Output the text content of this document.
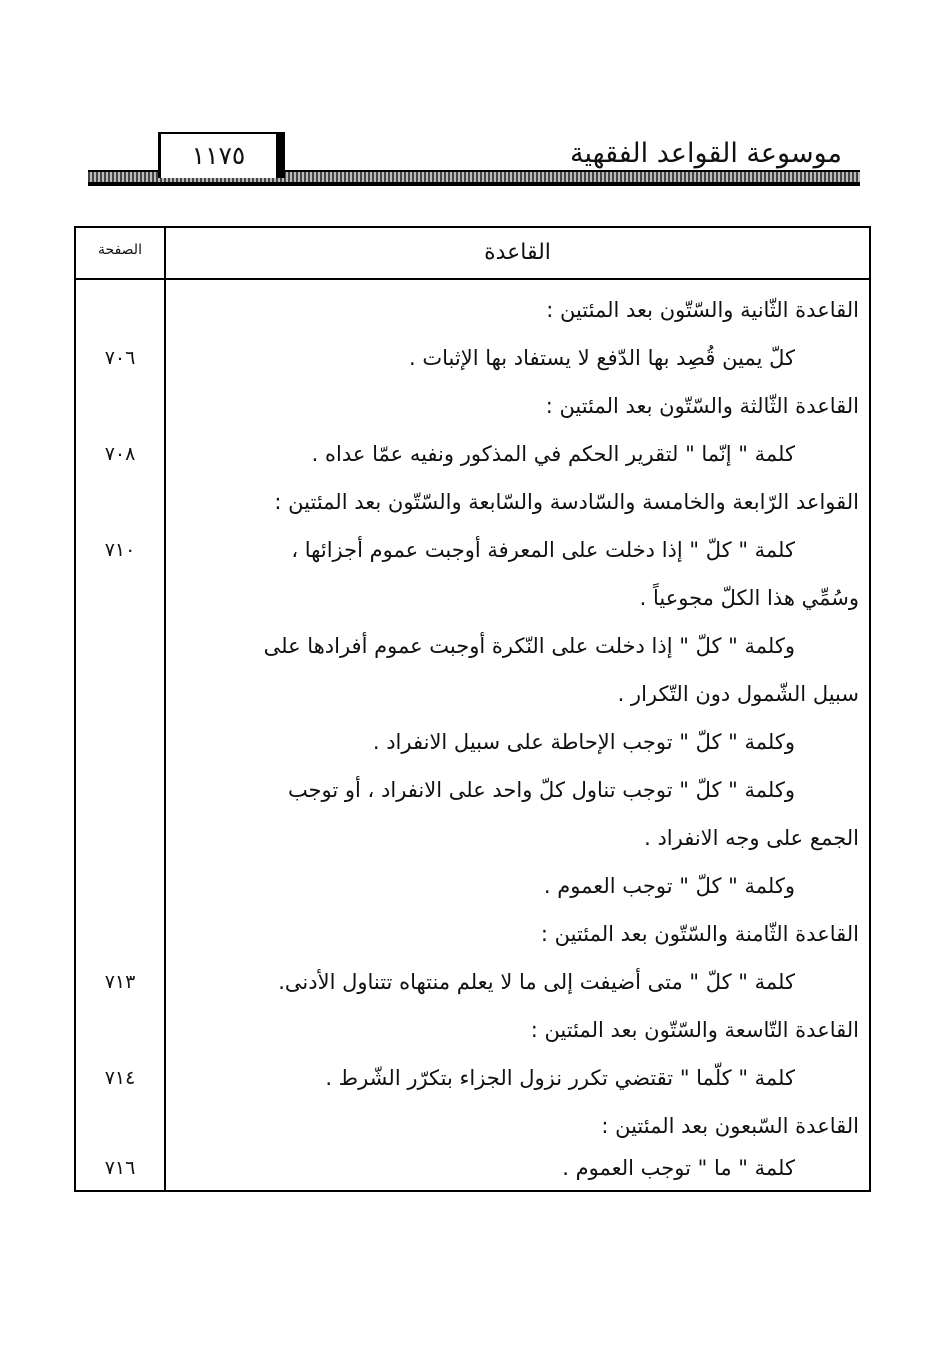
موسوعة القواعد الفقهية
١١٧٥
الصفحة	القاعدة
القاعدة الثّانية والسّتّون بعد المئتين :
كلّ يمين قُصِد بها الدّفع لا يستفاد بها الإثبات .
٧٠٦
القاعدة الثّالثة والسّتّون بعد المئتين :
كلمة " إنّما " لتقرير الحكم في المذكور ونفيه عمّا عداه .
٧٠٨
القواعد الرّابعة والخامسة والسّادسة والسّابعة والسّتّون بعد المئتين :
كلمة " كلّ " إذا دخلت على المعرفة أوجبت عموم أجزائها ،
٧١٠
وسُمِّي هذا الكلّ مجوعياً .
وكلمة " كلّ " إذا دخلت على النّكرة أوجبت عموم أفرادها على
سبيل الشّمول دون التّكرار .
وكلمة " كلّ " توجب الإحاطة على سبيل الانفراد .
وكلمة " كلّ " توجب تناول كلّ واحد على الانفراد ، أو توجب
الجمع على وجه الانفراد .
وكلمة " كلّ " توجب العموم .
القاعدة الثّامنة والسّتّون بعد المئتين :
كلمة " كلّ " متى أضيفت إلى ما لا يعلم منتهاه تتناول الأدنى.
٧١٣
القاعدة التّاسعة والسّتّون بعد المئتين :
كلمة " كلّما " تقتضي تكرر نزول الجزاء بتكرّر الشّرط .
٧١٤
القاعدة السّبعون بعد المئتين :
كلمة " ما " توجب العموم .
٧١٦
